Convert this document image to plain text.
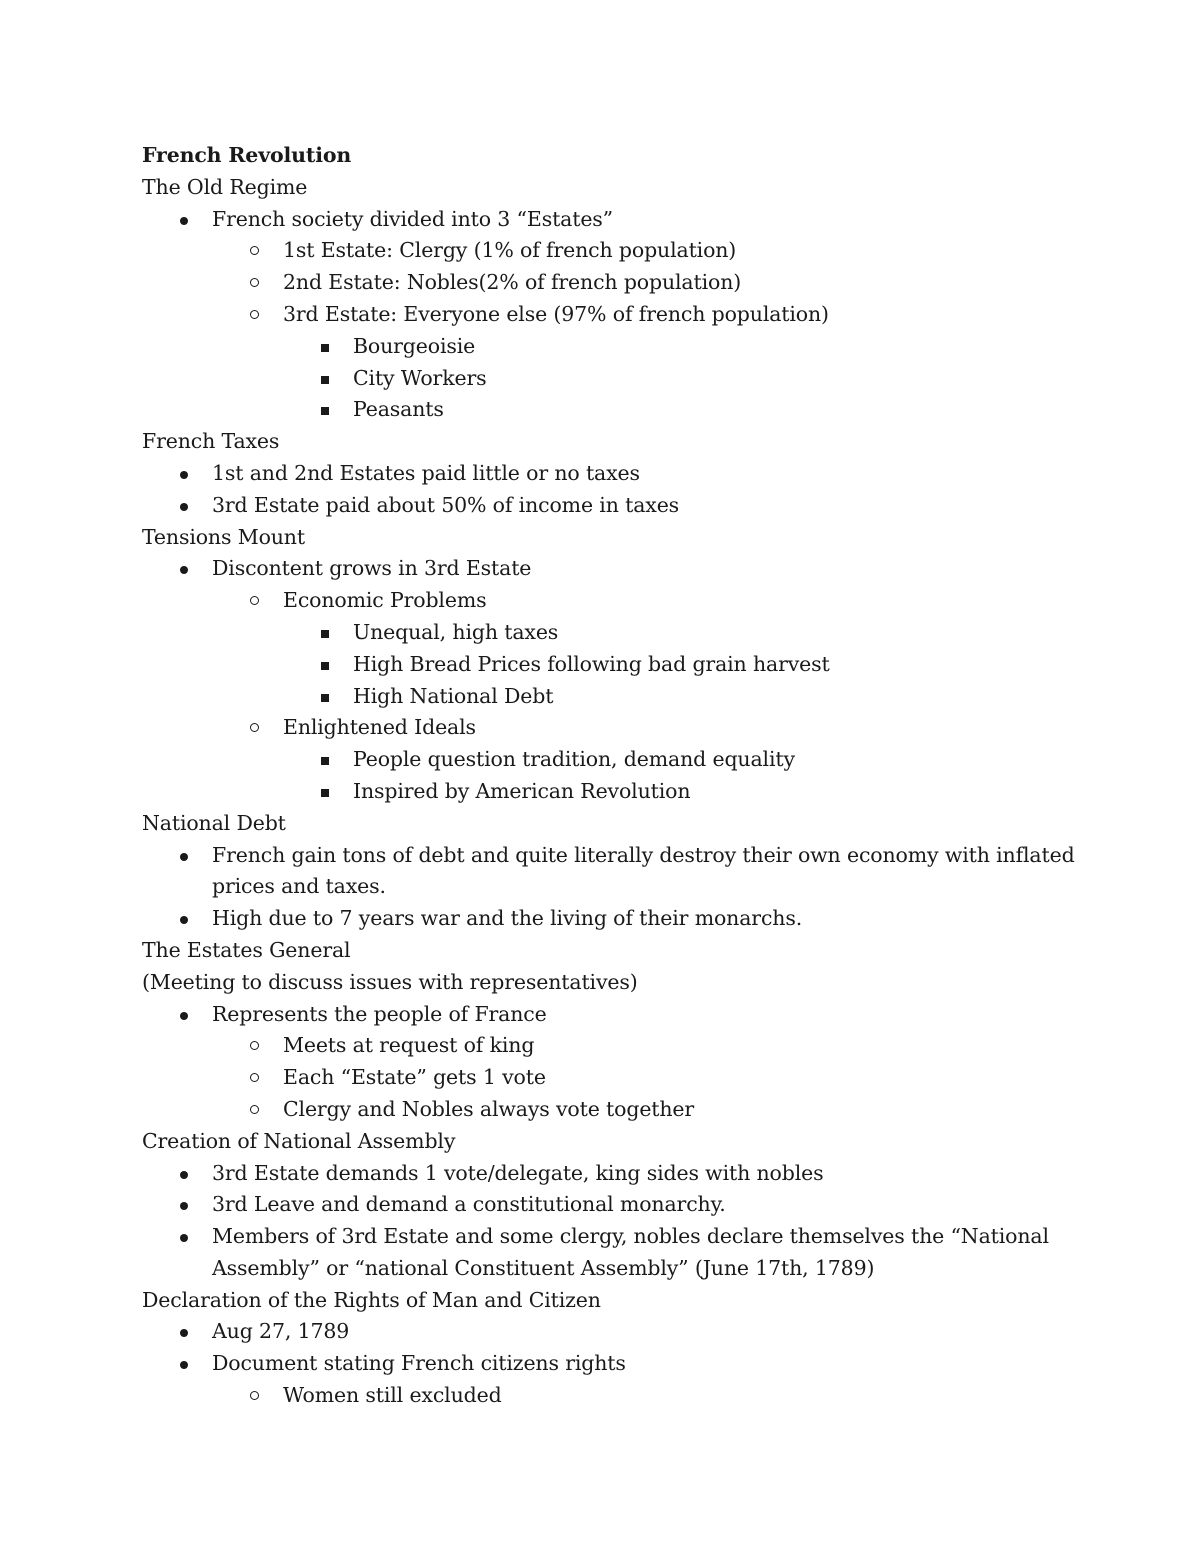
French Revolution
The Old Regime
French society divided into 3 “Estates”
1st Estate: Clergy (1% of french population)
2nd Estate: Nobles(2% of french population)
3rd Estate: Everyone else (97% of french population)
Bourgeoisie
City Workers
Peasants
French Taxes
1st and 2nd Estates paid little or no taxes
3rd Estate paid about 50% of income in taxes
Tensions Mount
Discontent grows in 3rd Estate
Economic Problems
Unequal, high taxes
High Bread Prices following bad grain harvest
High National Debt
Enlightened Ideals
People question tradition, demand equality
Inspired by American Revolution
National Debt
French gain tons of debt and quite literally destroy their own economy with inflated prices and taxes.
High due to 7 years war and the living of their monarchs.
The Estates General
(Meeting to discuss issues with representatives)
Represents the people of France
Meets at request of king
Each “Estate” gets 1 vote
Clergy and Nobles always vote together
Creation of National Assembly
3rd Estate demands 1 vote/delegate, king sides with nobles
3rd Leave and demand a constitutional monarchy.
Members of 3rd Estate and some clergy, nobles declare themselves the “National Assembly” or “national Constituent Assembly” (June 17th, 1789)
Declaration of the Rights of Man and Citizen
Aug 27, 1789
Document stating French citizens rights
Women still excluded
